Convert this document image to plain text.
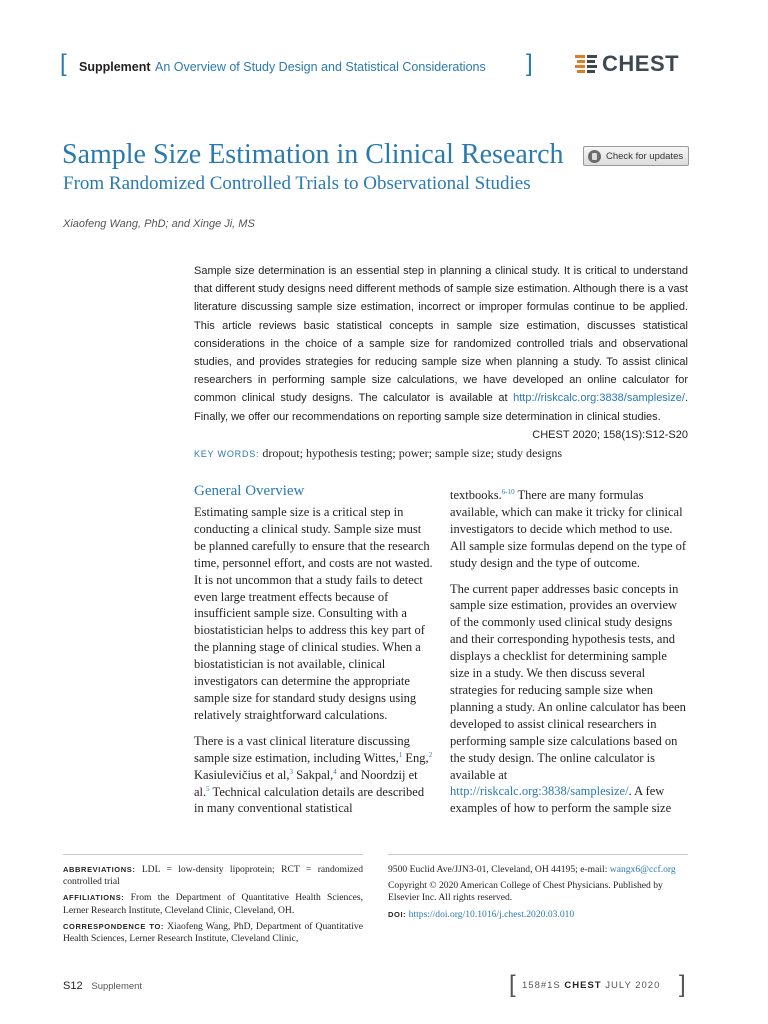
[ Supplement An Overview of Study Design and Statistical Considerations ]	CHEST
Sample Size Estimation in Clinical Research	Check for updates
From Randomized Controlled Trials to Observational Studies
Xiaofeng Wang, PhD; and Xinge Ji, MS
Sample size determination is an essential step in planning a clinical study. It is critical to understand that different study designs need different methods of sample size estimation. Although there is a vast literature discussing sample size estimation, incorrect or improper formulas continue to be applied. This article reviews basic statistical concepts in sample size estimation, discusses statistical considerations in the choice of a sample size for randomized controlled trials and observational studies, and provides strategies for reducing sample size when planning a study. To assist clinical researchers in performing sample size calculations, we have developed an online calculator for common clinical study designs. The calculator is available at http://riskcalc.org:3838/samplesize/. Finally, we offer our recommendations on reporting sample size determination in clinical studies.
CHEST 2020; 158(1S):S12-S20
KEY WORDS: dropout; hypothesis testing; power; sample size; study designs
General Overview

Estimating sample size is a critical step in conducting a clinical study. Sample size must be planned carefully to ensure that the research time, personnel effort, and costs are not wasted. It is not uncommon that a study fails to detect even large treatment effects because of insufficient sample size. Consulting with a biostatistician helps to address this key part of the planning stage of clinical studies. When a biostatistician is not available, clinical investigators can determine the appropriate sample size for standard study designs using relatively straightforward calculations.

There is a vast clinical literature discussing sample size estimation, including Wittes,$^1$ Eng,$^2$ Kasiulevičius et al,$^3$ Sakpal,$^4$ and Noordzij et al.$^5$ Technical calculation details are described in many conventional statistical

textbooks.$^{6-10}$ There are many formulas available, which can make it tricky for clinical investigators to decide which method to use. All sample size formulas depend on the type of study design and the type of outcome.

The current paper addresses basic concepts in sample size estimation, provides an overview of the commonly used clinical study designs and their corresponding hypothesis tests, and displays a checklist for determining sample size in a study. We then discuss several strategies for reducing sample size when planning a study. An online calculator has been developed to assist clinical researchers in performing sample size calculations based on the study design. The online calculator is available at http://riskcalc.org:3838/samplesize/. A few examples of how to perform the sample size

ABBREVIATIONS: LDL = low-density lipoprotein; RCT = randomized controlled trial

AFFILIATIONS: From the Department of Quantitative Health Sciences, Lerner Research Institute, Cleveland Clinic, Cleveland, OH.

CORRESPONDENCE TO: Xiaofeng Wang, PhD, Department of Quantitative Health Sciences, Lerner Research Institute, Cleveland Clinic,

9500 Euclid Ave/JJN3-01, Cleveland, OH 44195; e-mail: wangx6@ccf.org

Copyright © 2020 American College of Chest Physicians. Published by Elsevier Inc. All rights reserved.

DOI: https://doi.org/10.1016/j.chest.2020.03.010

S12 Supplement	[ 158#1S CHEST JULY 2020 ]
